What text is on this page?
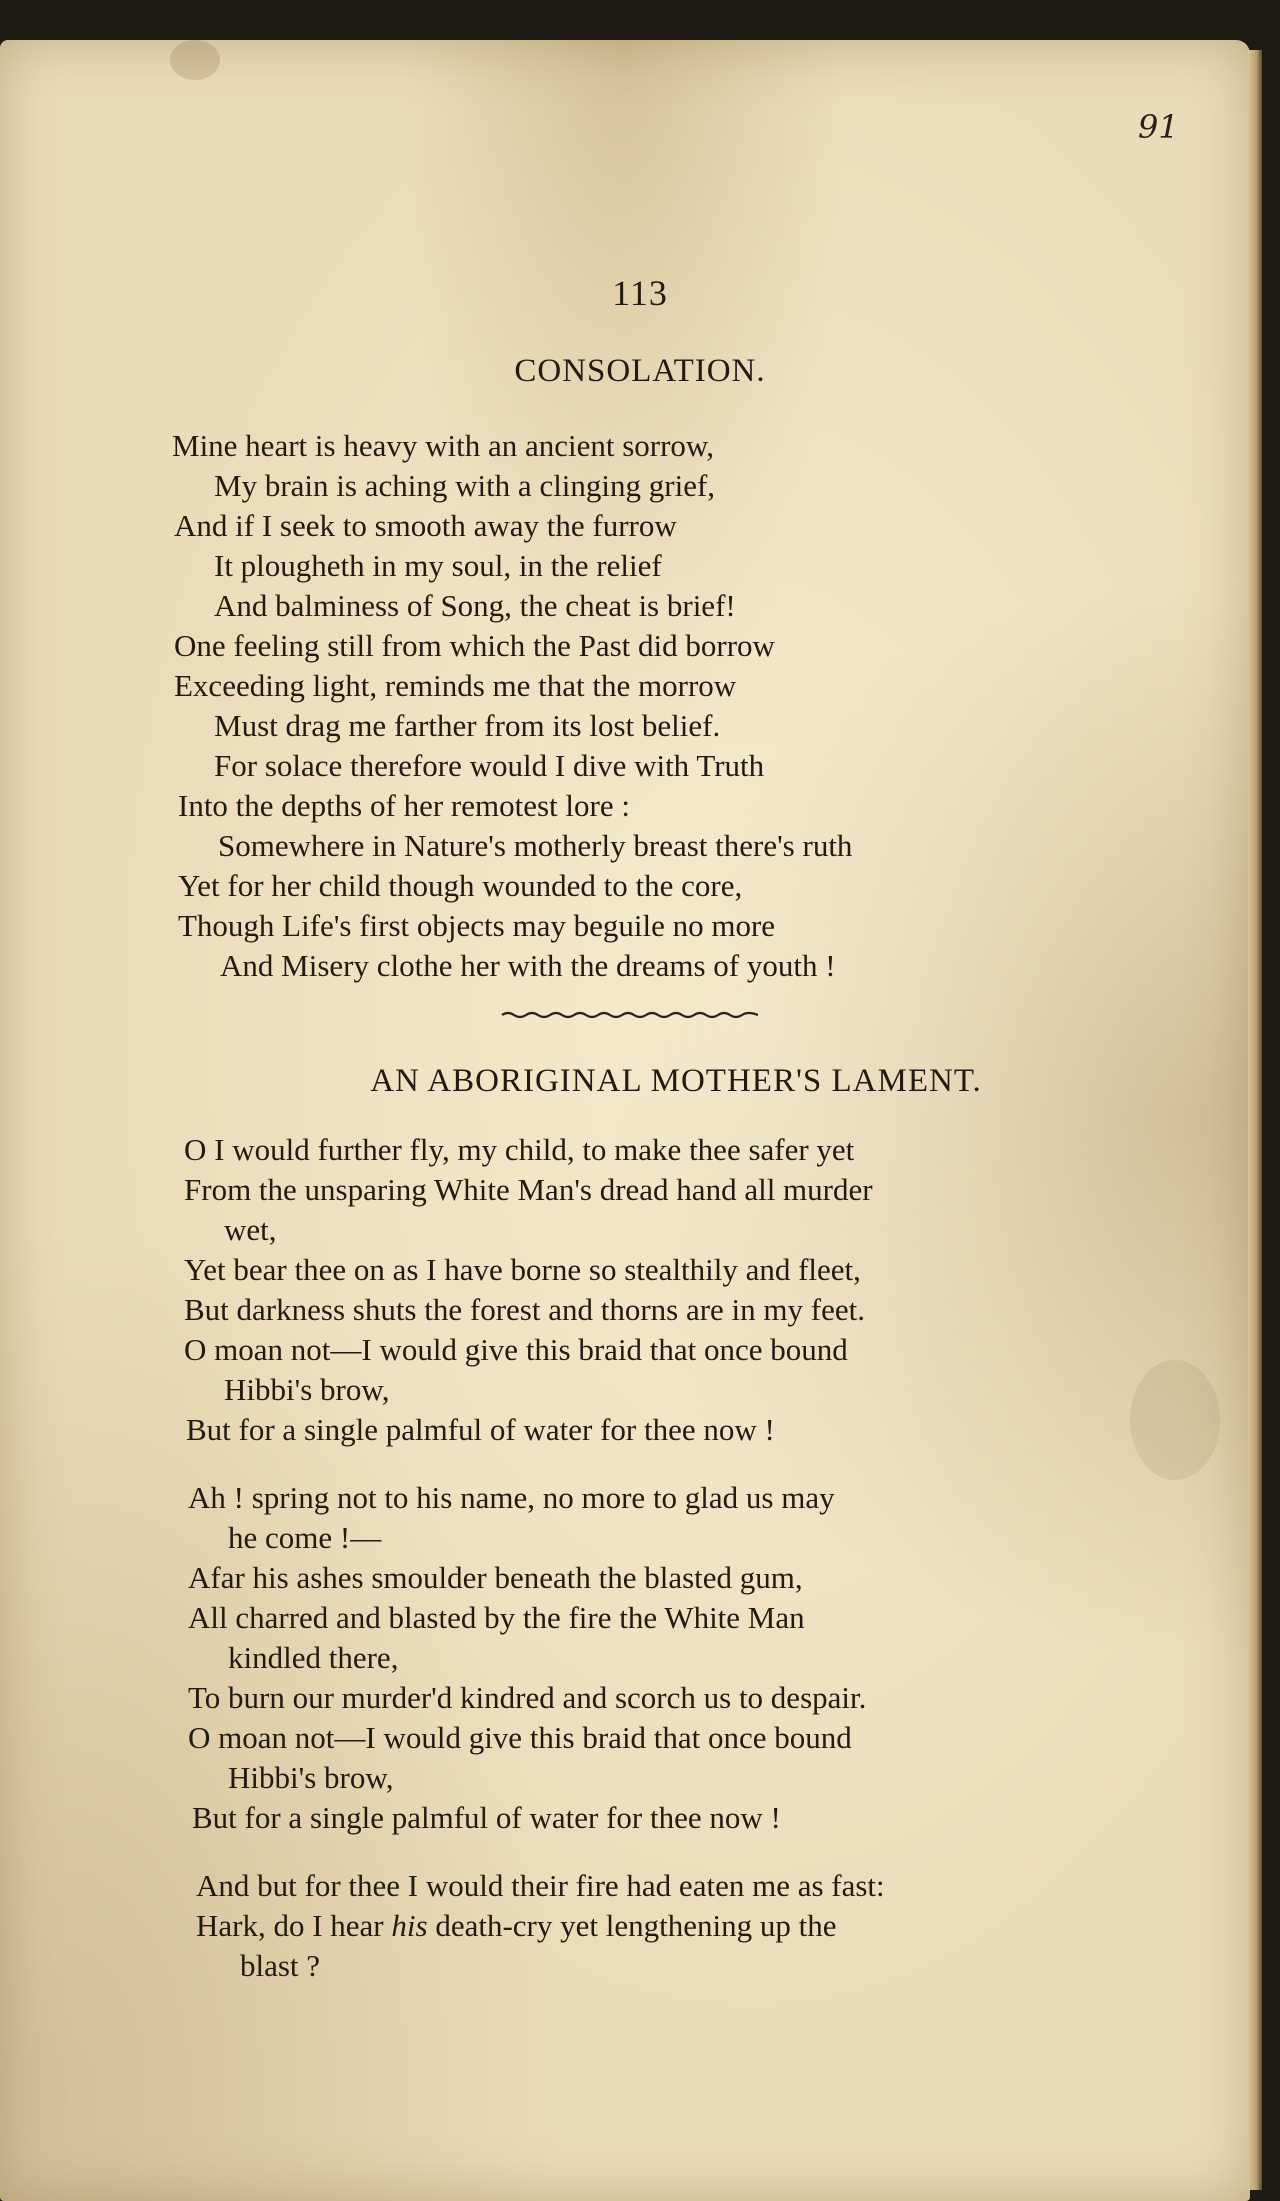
91
113
CONSOLATION.
Mine heart is heavy with an ancient sorrow,
My brain is aching with a clinging grief,
And if I seek to smooth away the furrow
It plougheth in my soul, in the relief
And balminess of Song, the cheat is brief!
One feeling still from which the Past did borrow
Exceeding light, reminds me that the morrow
Must drag me farther from its lost belief.
For solace therefore would I dive with Truth
Into the depths of her remotest lore :
Somewhere in Nature's motherly breast there's ruth
Yet for her child though wounded to the core,
Though Life's first objects may beguile no more
And Misery clothe her with the dreams of youth !
AN ABORIGINAL MOTHER'S LAMENT.
O I would further fly, my child, to make thee safer yet
From the unsparing White Man's dread hand all murder
wet,
Yet bear thee on as I have borne so stealthily and fleet,
But darkness shuts the forest and thorns are in my feet.
O moan not—I would give this braid that once bound
Hibbi's brow,
But for a single palmful of water for thee now !
Ah ! spring not to his name, no more to glad us may
he come !—
Afar his ashes smoulder beneath the blasted gum,
All charred and blasted by the fire the White Man
kindled there,
To burn our murder'd kindred and scorch us to despair.
O moan not—I would give this braid that once bound
Hibbi's brow,
But for a single palmful of water for thee now !
And but for thee I would their fire had eaten me as fast:
Hark, do I hear his death-cry yet lengthening up the
blast ?
